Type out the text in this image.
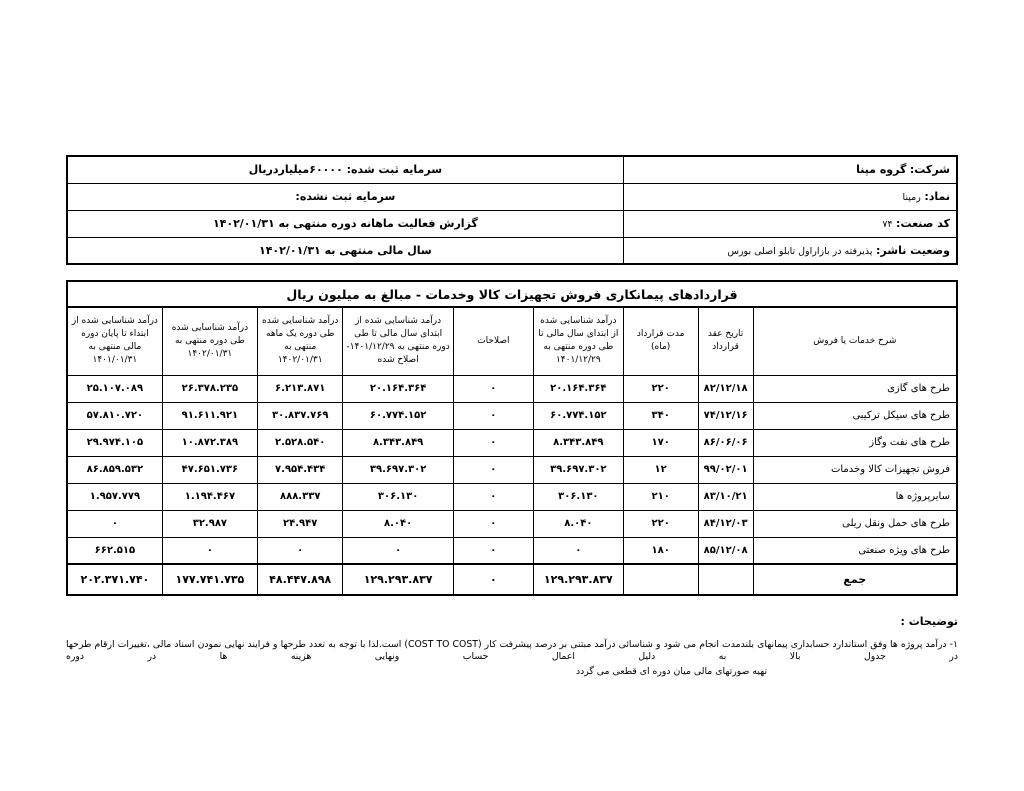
شرکت: گروه مپنا	سرمایه ثبت شده: ۶۰۰۰۰میلیاردریال
نماد: رمپنا	سرمایه ثبت نشده:
کد صنعت: ۷۴	گزارش فعالیت ماهانه دوره منتهی به ۱۴۰۲/۰۱/۳۱
وضعیت ناشر: پذیرفته در بازاراول تابلو اصلی بورس	سال مالی منتهی به ۱۴۰۲/۰۱/۳۱
قراردادهای پیمانکاری فروش تجهیزات کالا وخدمات - مبالغ به میلیون ریال								
شرح خدمات یا فروش	تاریخ عقد قرارداد	مدت قرارداد (ماه)	درآمد شناسایی شده از ابتدای سال مالی تا طی دوره منتهی به ۱۴۰۱/۱۲/۲۹	اصلاحات	درآمد شناسایی شده از ابتدای سال مالی تا طی دوره منتهی به ۱۴۰۱/۱۲/۲۹- اصلاح شده	درآمد شناسایی شده طی دوره یک ماهه منتهی به ۱۴۰۲/۰۱/۳۱	درآمد شناسایی شده طی دوره منتهی به ۱۴۰۲/۰۱/۳۱	درآمد شناسایی شده از ابتداء تا پایان دوره مالی منتهی به ۱۴۰۱/۰۱/۳۱
طرح های گازی	۸۲/۱۲/۱۸	۲۲۰	۲۰.۱۶۴.۳۶۴	۰	۲۰.۱۶۴.۳۶۴	۶.۲۱۳.۸۷۱	۲۶.۳۷۸.۲۳۵	۲۵.۱۰۷.۰۸۹
طرح های سیکل ترکیبی	۷۴/۱۲/۱۶	۳۴۰	۶۰.۷۷۴.۱۵۲	۰	۶۰.۷۷۴.۱۵۲	۳۰.۸۳۷.۷۶۹	۹۱.۶۱۱.۹۲۱	۵۷.۸۱۰.۷۲۰
طرح های نفت وگاز	۸۶/۰۶/۰۶	۱۷۰	۸.۳۴۳.۸۴۹	۰	۸.۳۴۳.۸۴۹	۲.۵۲۸.۵۴۰	۱۰.۸۷۲.۳۸۹	۲۹.۹۷۴.۱۰۵
فروش تجهیزات کالا وخدمات	۹۹/۰۲/۰۱	۱۲	۳۹.۶۹۷.۳۰۲	۰	۳۹.۶۹۷.۳۰۲	۷.۹۵۴.۴۳۴	۴۷.۶۵۱.۷۳۶	۸۶.۸۵۹.۵۳۲
سایرپروژه ها	۸۳/۱۰/۲۱	۲۱۰	۳۰۶.۱۳۰	۰	۳۰۶.۱۳۰	۸۸۸.۳۳۷	۱.۱۹۴.۴۶۷	۱.۹۵۷.۷۷۹
طرح های حمل ونقل ریلی	۸۴/۱۲/۰۳	۲۲۰	۸.۰۴۰	۰	۸.۰۴۰	۲۴.۹۴۷	۳۲.۹۸۷	۰
طرح های ویژه صنعتی	۸۵/۱۲/۰۸	۱۸۰	۰	۰	۰	۰	۰	۶۶۲.۵۱۵
جمع			۱۲۹.۲۹۳.۸۳۷	۰	۱۲۹.۲۹۳.۸۳۷	۴۸.۴۴۷.۸۹۸	۱۷۷.۷۴۱.۷۳۵	۲۰۲.۳۷۱.۷۴۰
توضیحات :
۱- درآمد پروژه ها وفق استاندارد حسابداری پیمانهای بلندمدت انجام می شود و شناسائی درآمد مبتنی بر درصد پیشرفت کار (COST TO COST) است.لذا با توجه به تعدد طرحها و فرایند نهایی نمودن اسناد مالی ،تغییرات ارقام طرحها در جدول بالا به دلیل اعمال حساب ونهایی هزینه ها در دوره
تهیه صورتهای مالی میان دوره ای قطعی می گردد
